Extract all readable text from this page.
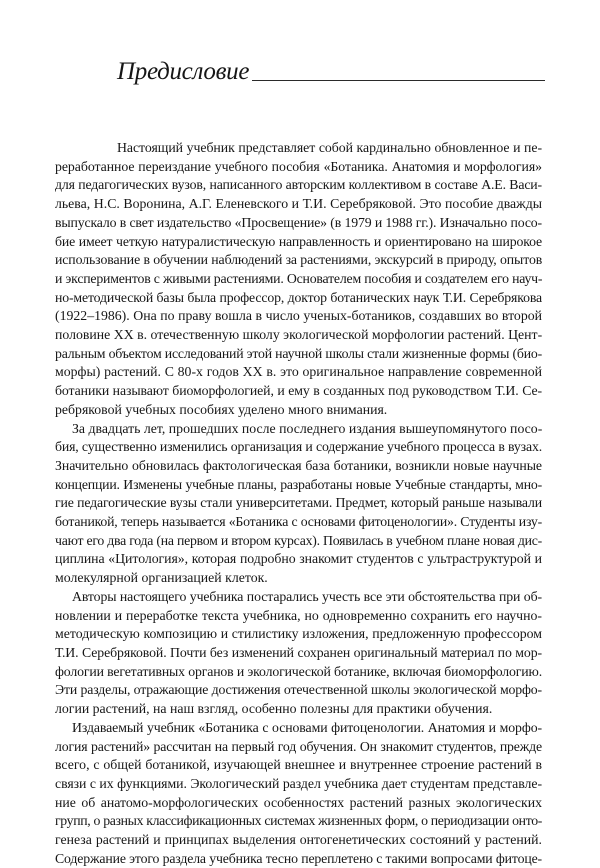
Предисловие

Настоящий учебник представляет собой кардинально обновленное и пе-

реработанное переиздание учебного пособия «Ботаника. Анатомия и морфология»

для педагогических вузов, написанного авторским коллективом в составе А.Е. Васи-

льева, Н.С. Воронина, А.Г. Еленевского и Т.И. Серебряковой. Это пособие дважды

выпускало в свет издательство «Просвещение» (в 1979 и 1988 гг.). Изначально посо-

бие имеет четкую натуралистическую направленность и ориентировано на широкое

использование в обучении наблюдений за растениями, экскурсий в природу, опытов

и экспериментов с живыми растениями. Основателем пособия и создателем его науч-

но-методической базы была профессор, доктор ботанических наук Т.И. Серебрякова

(1922–1986). Она по праву вошла в число ученых-ботаников, создавших во второй

половине XX в. отечественную школу экологической морфологии растений. Цент-

ральным объектом исследований этой научной школы стали жизненные формы (био-

морфы) растений. С 80-х годов XX в. это оригинальное направление современной

ботаники называют биоморфологией, и ему в созданных под руководством Т.И. Се-

ребряковой учебных пособиях уделено много внимания.

За двадцать лет, прошедших после последнего издания вышеупомянутого посо-

бия, существенно изменились организация и содержание учебного процесса в вузах.

Значительно обновилась фактологическая база ботаники, возникли новые научные

концепции. Изменены учебные планы, разработаны новые Учебные стандарты, мно-

гие педагогические вузы стали университетами. Предмет, который раньше называли

ботаникой, теперь называется «Ботаника с основами фитоценологии». Студенты изу-

чают его два года (на первом и втором курсах). Появилась в учебном плане новая дис-

циплина «Цитология», которая подробно знакомит студентов с ультраструктурой и

молекулярной организацией клеток.

Авторы настоящего учебника постарались учесть все эти обстоятельства при об-

новлении и переработке текста учебника, но одновременно сохранить его научно-

методическую композицию и стилистику изложения, предложенную профессором

Т.И. Серебряковой. Почти без изменений сохранен оригинальный материал по мор-

фологии вегетативных органов и экологической ботанике, включая биоморфологию.

Эти разделы, отражающие достижения отечественной школы экологической морфо-

логии растений, на наш взгляд, особенно полезны для практики обучения.

Издаваемый учебник «Ботаника с основами фитоценологии. Анатомия и морфо-

логия растений» рассчитан на первый год обучения. Он знакомит студентов, прежде

всего, с общей ботаникой, изучающей внешнее и внутреннее строение растений в

связи с их функциями. Экологический раздел учебника дает студентам представле-

ние об анатомо-морфологических особенностях растений разных экологических

групп, о разных классификационных системах жизненных форм, о периодизации онто-

генеза растений и принципах выделения онтогенетических состояний у растений.

Содержание этого раздела учебника тесно переплетено с такими вопросами фитоце-
